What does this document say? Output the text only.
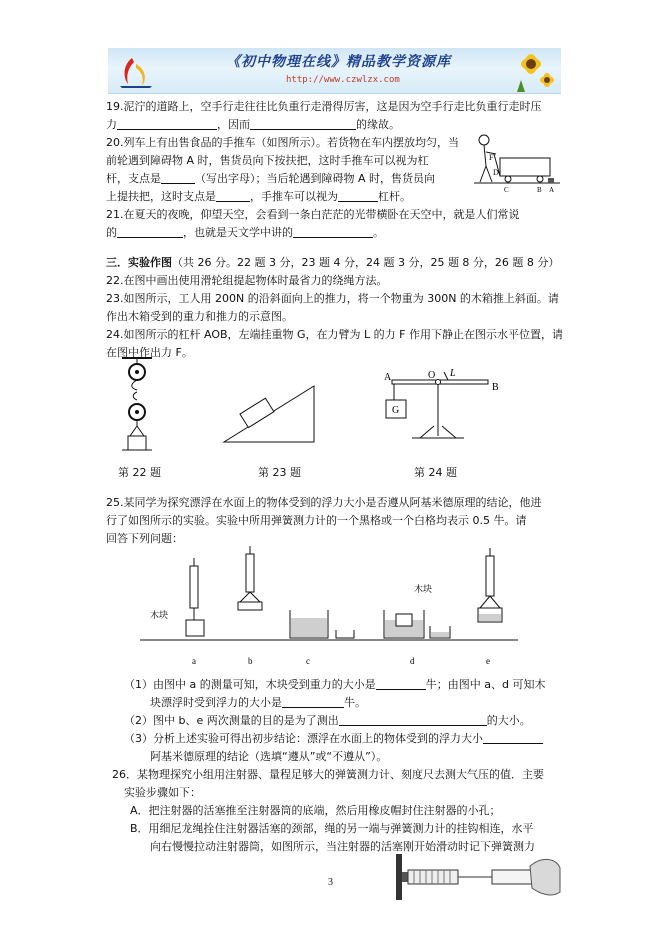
《初中物理在线》精品教学资源库
http://www.czwlzx.com
19.泥泞的道路上，空手行走往往比负重行走滑得厉害，这是因为空手行走比负重行走时压
力	，因而	的缘故。
20.列车上有出售食品的手推车（如图所示）。若货物在车内摆放均匀，当
前轮遇到障碍物 A 时，售货员向下按扶把，这时手推车可以视为杠
杆，支点是	（写出字母）；当后轮遇到障碍物 A 时，售货员向
上提扶把，这时支点是	，手推车可以视为	杠杆。
F
D
C	B A
21.在夏天的夜晚，仰望天空，会看到一条白茫茫的光带横卧在天空中，就是人们常说
的	，也就是天文学中讲的	。
三．实验作图（共 26 分。22 题 3 分，23 题 4 分，24 题 3 分，25 题 8 分，26 题 8 分）
22.在图中画出使用滑轮组提起物体时最省力的绕绳方法。
23.如图所示，工人用 200N 的沿斜面向上的推力，将一个物重为 300N 的木箱推上斜面。请
作出木箱受到的重力和推力的示意图。
24.如图所示的杠杆 AOB，左端挂重物 G，在力臂为 L 的力 F 作用下静止在图示水平位置，请
在图中作出力 F。
A	O L
B
G
第 22 题	第 23 题	第 24 题
25.某同学为探究漂浮在水面上的物体受到的浮力大小是否遵从阿基米德原理的结论，他进
行了如图所示的实验。实验中所用弹簧测力计的一个黑格或一个白格均表示 0.5 牛。请
回答下列问题：
木块
木块
a	b	c	d	e
（1）由图中 a 的测量可知，木块受到重力的大小是	牛；由图中 a、d 可知木
块漂浮时受到浮力的大小是	牛。
（2）图中 b、e 两次测量的目的是为了测出	的大小。
（3）分析上述实验可得出初步结论：漂浮在水面上的物体受到的浮力大小
阿基米德原理的结论（选填“遵从”或“不遵从”）。
26．某物理探究小组用注射器、量程足够大的弹簧测力计、刻度尺去测大气压的值．主要
实验步骤如下：
A．把注射器的活塞推至注射器筒的底端，然后用橡皮帽封住注射器的小孔；
B．用细尼龙绳拴住注射器活塞的颈部，绳的另一端与弹簧测力计的挂钩相连，水平
向右慢慢拉动注射器筒，如图所示，当注射器的活塞刚开始滑动时记下弹簧测力
3
